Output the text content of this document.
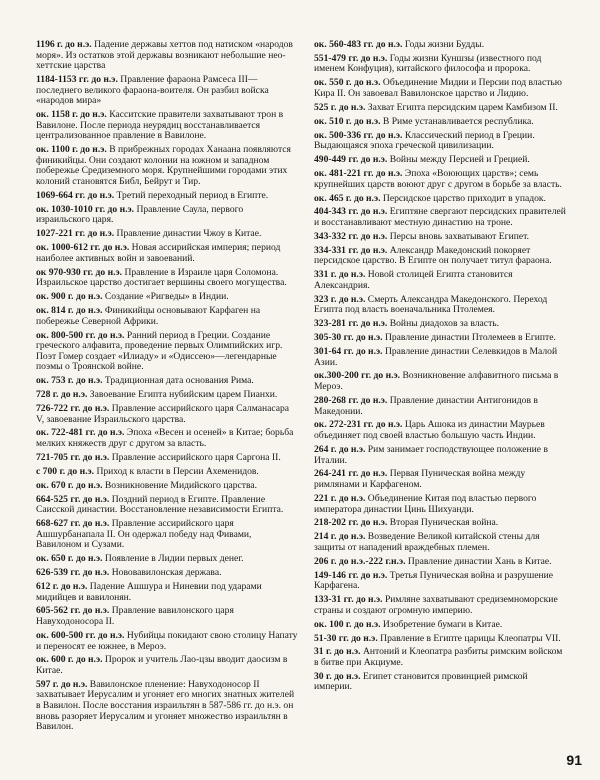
1196 г. до н.э. Падение державы хеттов под натиском «народов моря». Из остатков этой державы возникают небольшие нео-хеттские царства

1184-1153 гг. до н.э. Правление фараона Рамсеса III— последнего великого фараона-воителя. Он разбил войска «народов мира»

ок. 1158 г. до н.э. Касситские правители захватывают трон в Вавилоне. После периода неурядиц восстанавливается централизованное правление в Вавилоне.

ок. 1100 г. до н.э. В прибрежных городах Ханаана появляются финикийцы. Они создают колонии на южном и западном побережье Средиземного моря. Крупнейшими городами этих колоний становятся Библ, Бейрут и Тир.

1069-664 гг. до н.э. Третий переходный период в Египте.

ок. 1030-1010 гг. до н.э. Правление Саула, первого израильского царя.

1027-221 гг. до н.э. Правление династии Чжоу в Китае.

ок. 1000-612 гг. до н.э. Новая ассирийская империя; период наиболее активных войн и завоеваний.

ок 970-930 гг. до н.э. Правление в Израиле царя Соломона. Израильское царство достигает вершины своего могущества.

ок. 900 г. до н.э. Создание «Ригведы» в Индии.

ок. 814 г. до н.э. Финикийцы основывают Карфаген на побережье Северной Африки.

ок. 800-500 гг. до н.э. Ранний период в Греции. Создание греческого алфавита, проведение первых Олимпийских игр. Поэт Гомер создает «Илиаду» и «Одиссею»—легендарные поэмы о Троянской войне.

ок. 753 г. до н.э. Традиционная дата основания Рима.

728 г. до н.э. Завоевание Египта нубийским царем Пианхи.

726-722 гг. до н.э. Правление ассирийского царя Салманасара V, завоевание Израильского царства.

ок. 722-481 гг. до н.э. Эпоха «Весен и осеней» в Китае; борьба мелких княжеств друг с другом за власть.

721-705 гг. до н.э. Правление ассирийского царя Саргона II.

с 700 г. до н.э. Приход к власти в Персии Ахеменидов.

ок. 670 г. до н.э. Возникновение Мидийского царства.

664-525 гг. до н.э. Поздний период в Египте. Правление Саисской династии. Восстановление независимости Египта.

668-627 гг. до н.э. Правление ассирийского царя Ашшурбанапала II. Он одержал победу над Фивами, Вавилоном и Сузами.

ок. 650 г. до н.э. Появление в Лидии первых денег.

626-539 гг. до н.э. Нововавилонская держава.

612 г. до н.э. Падение Ашшура и Ниневии под ударами мидийцев и вавилонян.

605-562 гг. до н.э. Правление вавилонского царя Навуходоносора II.

ок. 600-500 гг. до н.э. Нубийцы покидают свою столицу Напату и переносят ее южнее, в Мероэ.

ок. 600 г. до н.э. Пророк и учитель Лао-цзы вводит даосизм в Китае.

597 г. до н.э. Вавилонское пленение: Навуходоносор II захватывает Иерусалим и угоняет его многих знатных жителей в Вавилон. После восстания израильтян в 587-586 гг. до н.э. он вновь разоряет Иерусалим и угоняет множество израильтян в Вавилон.

ок. 560-483 гг. до н.э. Годы жизни Будды.

551-479 гг. до н.э. Годы жизни Куншзы (известного под именем Конфуция), китайского философа и пророка.

ок. 550 г. до н.э. Объединение Мидии и Персии под властью Кира II. Он завоевал Вавилонское царство и Лидию.

525 г. до н.э. Захват Египта персидским царем Камбизом II.

ок. 510 г. до н.э. В Риме устанавливается республика.

ок. 500-336 гг. до н.э. Классический период в Греции. Выдающаяся эпоха греческой цивилизации.

490-449 гг. до н.э. Войны между Персией и Грецией.

ок. 481-221 гг. до н.э. Эпоха «Воюющих царств»; семь крупнейших царств воюют друг с другом в борьбе за власть.

ок. 465 г. до н.э. Персидское царство приходит в упадок.

404-343 гг. до н.э. Египтяне свергают персидских правителей и восстанавливают местную династию на троне.

343-332 гг. до н.э. Персы вновь захватывают Египет.

334-331 гг. до н.э. Александр Македонский покоряет персидское царство. В Египте он получает титул фараона.

331 г. до н.э. Новой столицей Египта становится Александрия.

323 г. до н.э. Смерть Александра Македонского. Переход Египта под власть военачальника Птолемея.

323-281 гг. до н.э. Войны диадохов за власть.

305-30 гг. до н.э. Правление династии Птолемеев в Египте.

301-64 гг. до н.э. Правление династии Селевкидов в Малой Азии.

ок.300-200 гг. до н.э. Возникновение алфавитного письма в Мероэ.

280-268 гг. до н.э. Правление династии Антигонидов в Македонии.

ок. 272-231 гг. до н.э. Царь Ашока из династии Маурьев объединяет под своей властью большую часть Индии.

264 г. до н.э. Рим занимает господствующее положение в Италии.

264-241 гг. до н.э. Первая Пуническая война между римлянами и Карфагеном.

221 г. до н.э. Объединение Китая под властью первого императора династии Цинь Шихуанди.

218-202 гг. до н.э. Вторая Пуническая война.

214 г. до н.э. Возведение Великой китайской стены для защиты от нападений враждебных племен.

206 г. до н.э.-222 г.н.э. Правление династии Хань в Китае.

149-146 гг. до н.э. Третья Пуническая война и разрушение Карфагена.

133-31 гг. до н.э. Римляне захватывают средиземноморские страны и создают огромную империю.

ок. 100 г. до н.э. Изобретение бумаги в Китае.

51-30 гг. до н.э. Правление в Египте царицы Клеопатры VII.

31 г. до н.э. Антоний и Клеопатра разбиты римским войском в битве при Акциуме.

30 г. до н.э. Египет становится провинцией римской империи.

91
